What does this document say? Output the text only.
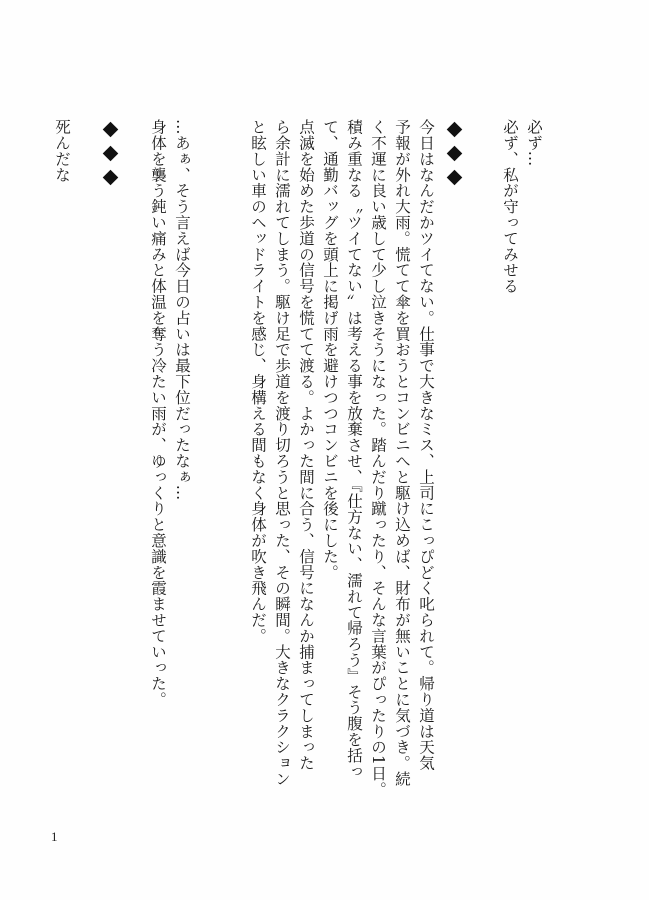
必ず…
必ず、私が守ってみせる
今日はなんだかツイてない。仕事で大きなミス、上司にこっぴどく叱られて。帰り道は天気
予報が外れ大雨。慌てて傘を買おうとコンビニへと駆け込めば、財布が無いことに気づき。続
く不運に良い歳して少し泣きそうになった。踏んだり蹴ったり、そんな言葉がぴったりの1日。
積み重なる〝ツイてない〟は考える事を放棄させ、『仕方ない、濡れて帰ろう』そう腹を括っ
て、通勤バッグを頭上に掲げ雨を避けつつコンビニを後にした。
点滅を始めた歩道の信号を慌てて渡る。よかった間に合う、信号になんか捕まってしまった
ら余計に濡れてしまう。駆け足で歩道を渡り切ろうと思った、その瞬間。大きなクラクション
と眩しい車のヘッドライトを感じ、身構える間もなく身体が吹き飛んだ。
…あぁ、そう言えば今日の占いは最下位だったなぁ…
身体を襲う鈍い痛みと体温を奪う冷たい雨が、ゆっくりと意識を霞ませていった。
死んだな
1
